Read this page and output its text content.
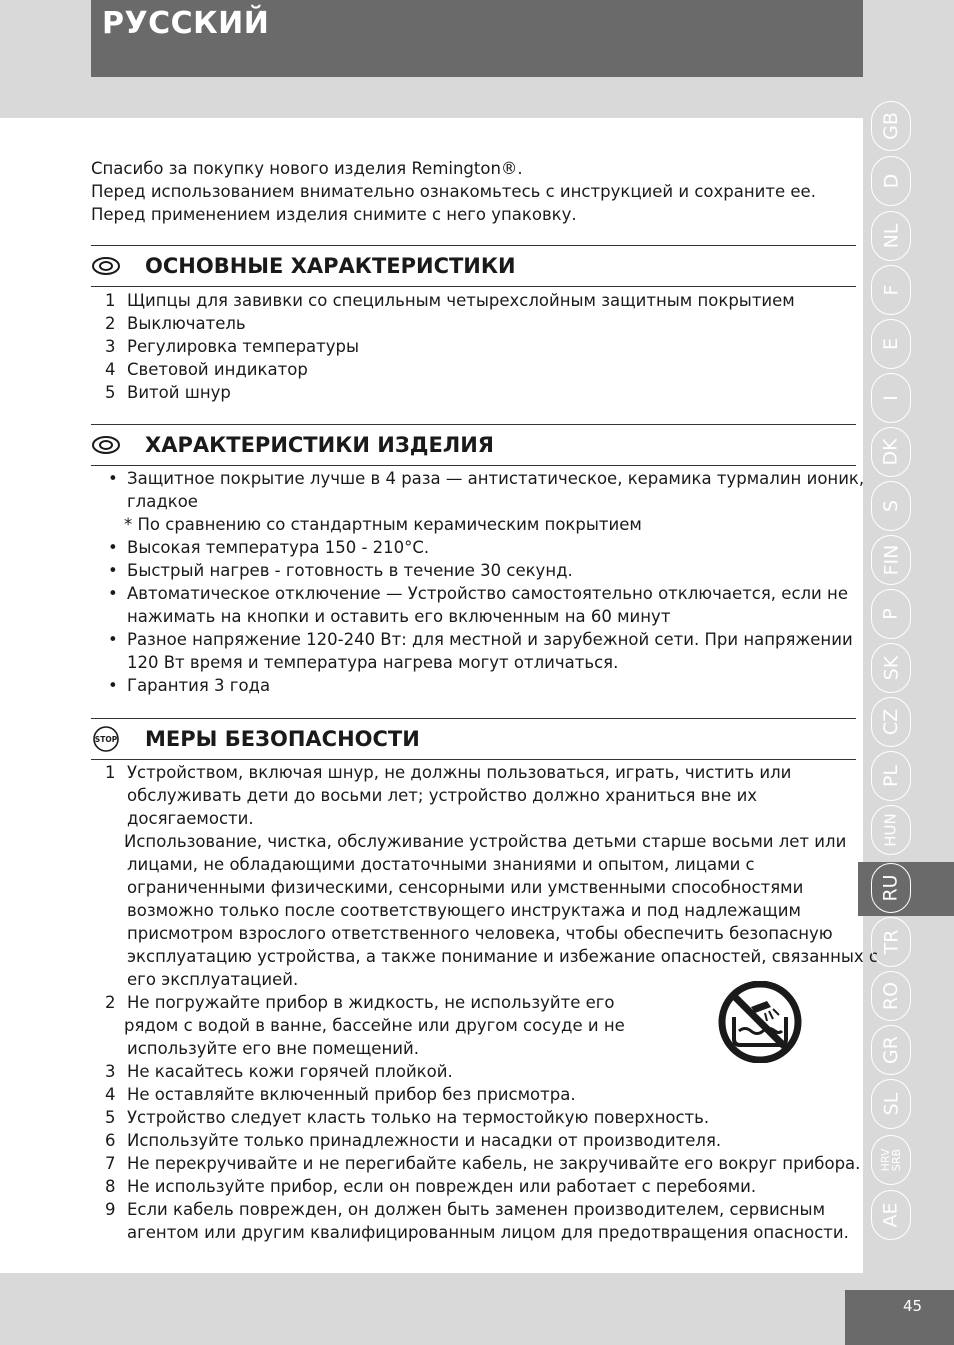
РУССКИЙ
Спасибо за покупку нового изделия Remington®.
Перед использованием внимательно ознакомьтесь с инструкцией и сохраните ее.
Перед применением изделия снимите с него упаковку.
ОСНОВНЫЕ ХАРАКТЕРИСТИКИ
1 Щипцы для завивки со специльным четырехслойным защитным покрытием
2 Выключатель
3 Регулировка температуры
4 Световой индикатор
5 Витой шнур
ХАРАКТЕРИСТИКИ ИЗДЕЛИЯ
• Защитное покрытие лучше в 4 раза — антистатическое, керамика турмалин ионик,
гладкое
* По сравнению со стандартным керамическим покрытием
• Высокая температура 150 - 210°C.
• Быстрый нагрев - готовность в течение 30 секунд.
• Автоматическое отключение — Устройство самостоятельно отключается, если не
нажимать на кнопки и оставить его включенным на 60 минут
• Разное напряжение 120-240 Вт: для местной и зарубежной сети. При напряжении
120 Вт время и температура нагрева могут отличаться.
• Гарантия 3 года
STOP МЕРЫ БЕЗОПАСНОСТИ
1 Устройством, включая шнур, не должны пользоваться, играть, чистить или
обслуживать дети до восьми лет; устройство должно храниться вне их
досягаемости.
Использование, чистка, обслуживание устройства детьми старше восьми лет или
лицами, не обладающими достаточными знаниями и опытом, лицами с
ограниченными физическими, сенсорными или умственными способностями
возможно только после соответствующего инструктажа и под надлежащим
присмотром взрослого ответственного человека, чтобы обеспечить безопасную
эксплуатацию устройства, а также понимание и избежание опасностей, связанных с
его эксплуатацией.
2 Не погружайте прибор в жидкость, не используйте его
рядом с водой в ванне, бассейне или другом сосуде и не
используйте его вне помещений.
3 Не касайтесь кожи горячей плойкой.
4 Не оставляйте включенный прибор без присмотра.
5 Устройство следует класть только на термостойкую поверхность.
6 Используйте только принадлежности и насадки от производителя.
7 Не перекручивайте и не перегибайте кабель, не закручивайте его вокруг прибора.
8 Не используйте прибор, если он поврежден или работает с перебоями.
9 Если кабель поврежден, он должен быть заменен производителем, сервисным
агентом или другим квалифицированным лицом для предотвращения опасности.
GB
D
NL
F
E
I
DK
S
FIN
P
SK
CZ
PL
HUN
RU
TR
RO
GR
SL
HRV SRB
AE
45
